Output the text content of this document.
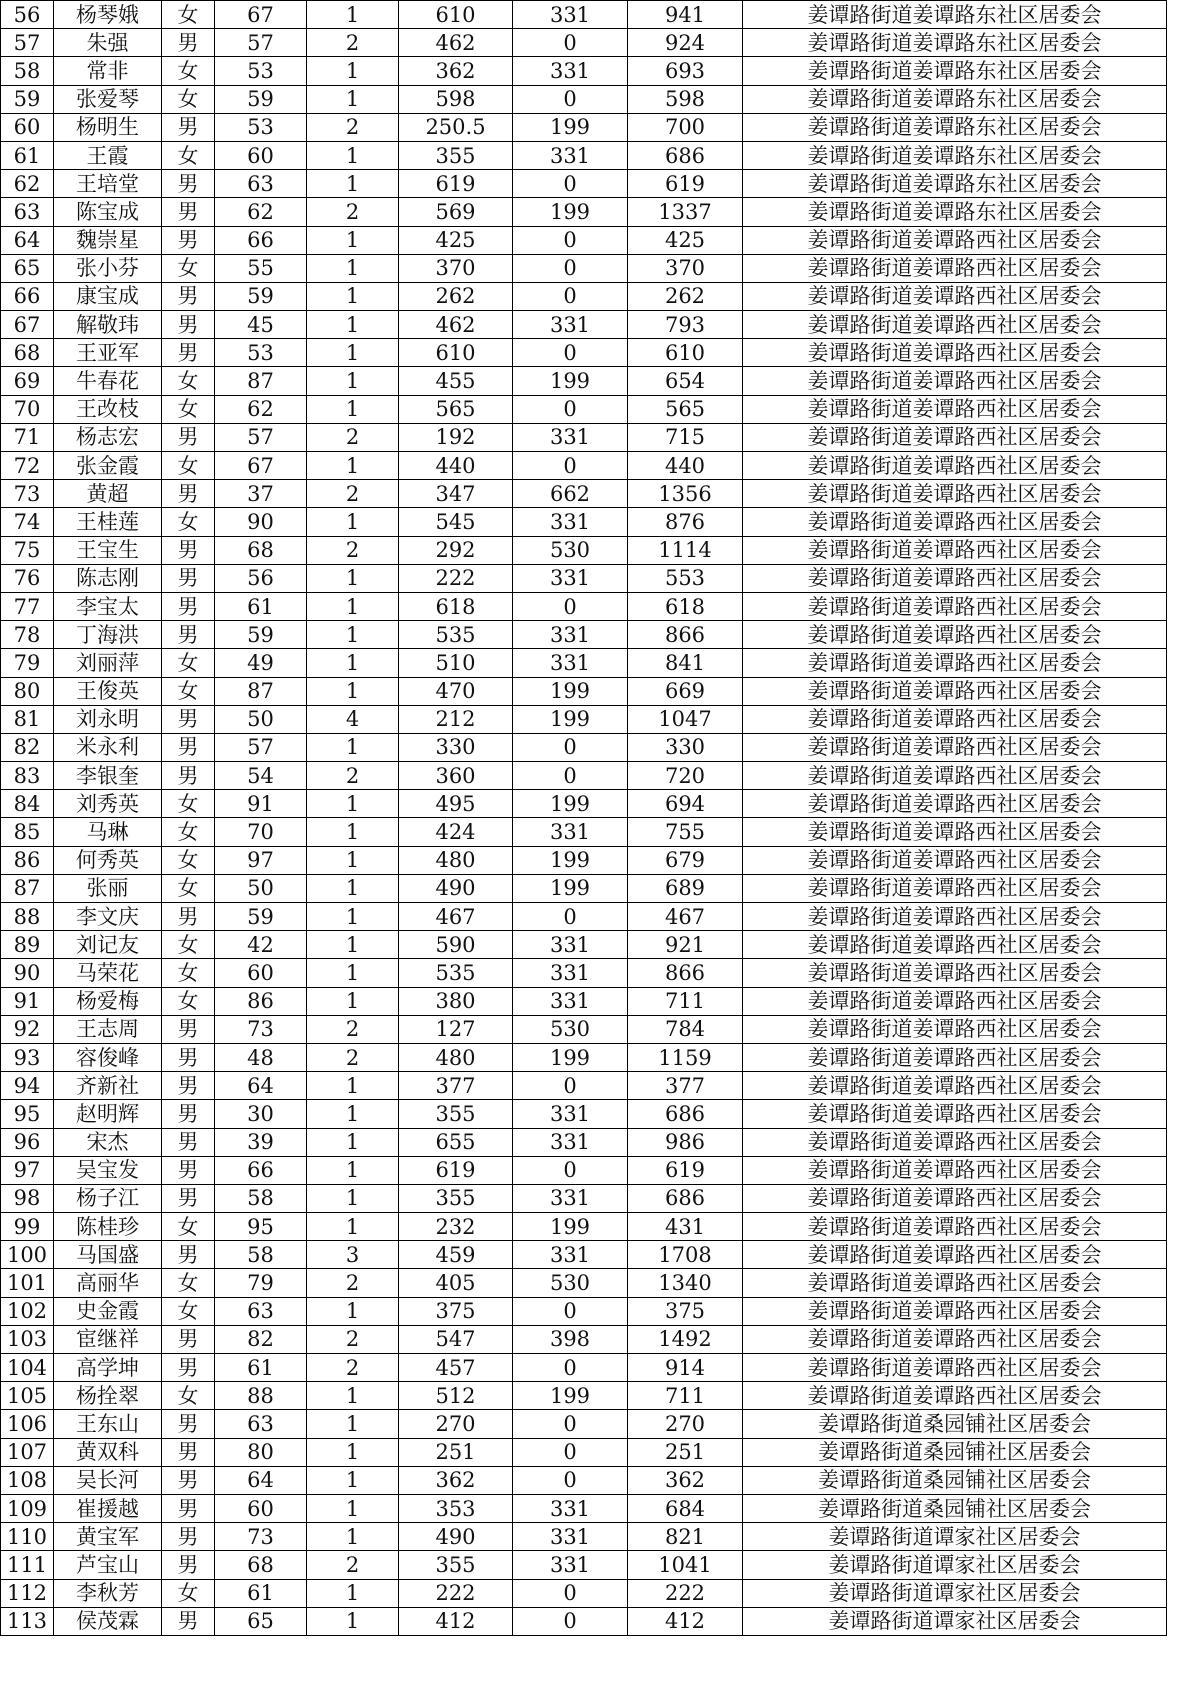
56	杨琴娥	女	67	1	610	331	941	姜谭路街道姜谭路东社区居委会
57	朱强	男	57	2	462	0	924	姜谭路街道姜谭路东社区居委会
58	常非	女	53	1	362	331	693	姜谭路街道姜谭路东社区居委会
59	张爱琴	女	59	1	598	0	598	姜谭路街道姜谭路东社区居委会
60	杨明生	男	53	2	250.5	199	700	姜谭路街道姜谭路东社区居委会
61	王霞	女	60	1	355	331	686	姜谭路街道姜谭路东社区居委会
62	王培堂	男	63	1	619	0	619	姜谭路街道姜谭路东社区居委会
63	陈宝成	男	62	2	569	199	1337	姜谭路街道姜谭路东社区居委会
64	魏崇星	男	66	1	425	0	425	姜谭路街道姜谭路西社区居委会
65	张小芬	女	55	1	370	0	370	姜谭路街道姜谭路西社区居委会
66	康宝成	男	59	1	262	0	262	姜谭路街道姜谭路西社区居委会
67	解敬玮	男	45	1	462	331	793	姜谭路街道姜谭路西社区居委会
68	王亚军	男	53	1	610	0	610	姜谭路街道姜谭路西社区居委会
69	牛春花	女	87	1	455	199	654	姜谭路街道姜谭路西社区居委会
70	王改枝	女	62	1	565	0	565	姜谭路街道姜谭路西社区居委会
71	杨志宏	男	57	2	192	331	715	姜谭路街道姜谭路西社区居委会
72	张金霞	女	67	1	440	0	440	姜谭路街道姜谭路西社区居委会
73	黄超	男	37	2	347	662	1356	姜谭路街道姜谭路西社区居委会
74	王桂莲	女	90	1	545	331	876	姜谭路街道姜谭路西社区居委会
75	王宝生	男	68	2	292	530	1114	姜谭路街道姜谭路西社区居委会
76	陈志刚	男	56	1	222	331	553	姜谭路街道姜谭路西社区居委会
77	李宝太	男	61	1	618	0	618	姜谭路街道姜谭路西社区居委会
78	丁海洪	男	59	1	535	331	866	姜谭路街道姜谭路西社区居委会
79	刘丽萍	女	49	1	510	331	841	姜谭路街道姜谭路西社区居委会
80	王俊英	女	87	1	470	199	669	姜谭路街道姜谭路西社区居委会
81	刘永明	男	50	4	212	199	1047	姜谭路街道姜谭路西社区居委会
82	米永利	男	57	1	330	0	330	姜谭路街道姜谭路西社区居委会
83	李银奎	男	54	2	360	0	720	姜谭路街道姜谭路西社区居委会
84	刘秀英	女	91	1	495	199	694	姜谭路街道姜谭路西社区居委会
85	马琳	女	70	1	424	331	755	姜谭路街道姜谭路西社区居委会
86	何秀英	女	97	1	480	199	679	姜谭路街道姜谭路西社区居委会
87	张丽	女	50	1	490	199	689	姜谭路街道姜谭路西社区居委会
88	李文庆	男	59	1	467	0	467	姜谭路街道姜谭路西社区居委会
89	刘记友	女	42	1	590	331	921	姜谭路街道姜谭路西社区居委会
90	马荣花	女	60	1	535	331	866	姜谭路街道姜谭路西社区居委会
91	杨爱梅	女	86	1	380	331	711	姜谭路街道姜谭路西社区居委会
92	王志周	男	73	2	127	530	784	姜谭路街道姜谭路西社区居委会
93	容俊峰	男	48	2	480	199	1159	姜谭路街道姜谭路西社区居委会
94	齐新社	男	64	1	377	0	377	姜谭路街道姜谭路西社区居委会
95	赵明辉	男	30	1	355	331	686	姜谭路街道姜谭路西社区居委会
96	宋杰	男	39	1	655	331	986	姜谭路街道姜谭路西社区居委会
97	吴宝发	男	66	1	619	0	619	姜谭路街道姜谭路西社区居委会
98	杨子江	男	58	1	355	331	686	姜谭路街道姜谭路西社区居委会
99	陈桂珍	女	95	1	232	199	431	姜谭路街道姜谭路西社区居委会
100	马国盛	男	58	3	459	331	1708	姜谭路街道姜谭路西社区居委会
101	高丽华	女	79	2	405	530	1340	姜谭路街道姜谭路西社区居委会
102	史金霞	女	63	1	375	0	375	姜谭路街道姜谭路西社区居委会
103	宦继祥	男	82	2	547	398	1492	姜谭路街道姜谭路西社区居委会
104	高学坤	男	61	2	457	0	914	姜谭路街道姜谭路西社区居委会
105	杨拴翠	女	88	1	512	199	711	姜谭路街道姜谭路西社区居委会
106	王东山	男	63	1	270	0	270	姜谭路街道桑园铺社区居委会
107	黄双科	男	80	1	251	0	251	姜谭路街道桑园铺社区居委会
108	吴长河	男	64	1	362	0	362	姜谭路街道桑园铺社区居委会
109	崔援越	男	60	1	353	331	684	姜谭路街道桑园铺社区居委会
110	黄宝军	男	73	1	490	331	821	姜谭路街道谭家社区居委会
111	芦宝山	男	68	2	355	331	1041	姜谭路街道谭家社区居委会
112	李秋芳	女	61	1	222	0	222	姜谭路街道谭家社区居委会
113	侯茂霖	男	65	1	412	0	412	姜谭路街道谭家社区居委会
